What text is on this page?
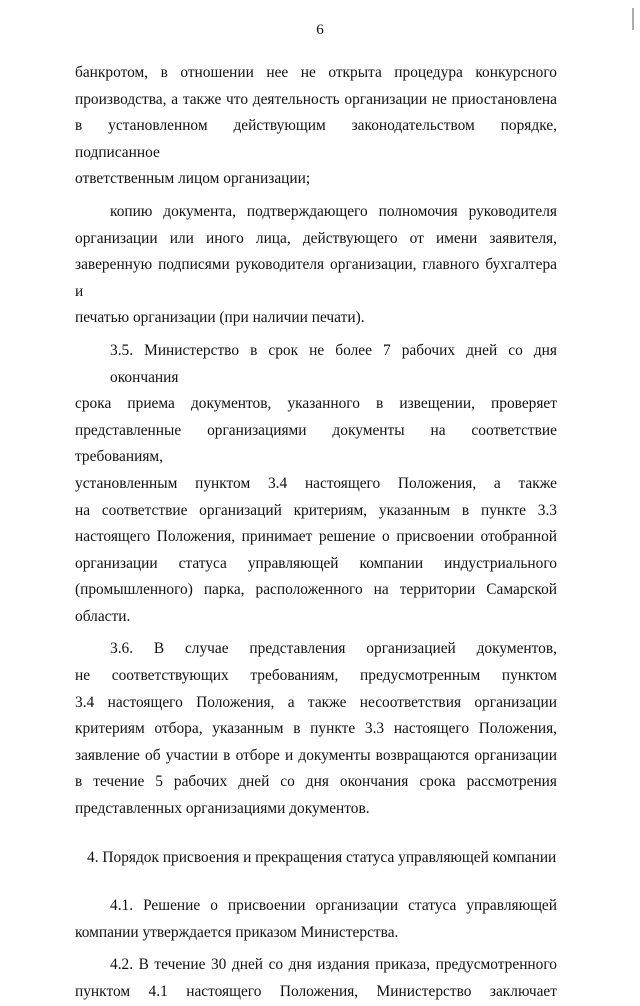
6
банкротом, в отношении нее не открыта процедура конкурсного
производства, а также что деятельность организации не приостановлена
в установленном действующим законодательством порядке, подписанное
ответственным лицом организации;
копию документа, подтверждающего полномочия руководителя
организации или иного лица, действующего от имени заявителя,
заверенную подписями руководителя организации, главного бухгалтера и
печатью организации (при наличии печати).
3.5. Министерство в срок не более 7 рабочих дней со дня окончания
срока приема документов, указанного в извещении, проверяет
представленные организациями документы на соответствие требованиям,
установленным пунктом 3.4 настоящего Положения, а также
на соответствие организаций критериям, указанным в пункте 3.3
настоящего Положения, принимает решение о присвоении отобранной
организации статуса управляющей компании индустриального
(промышленного) парка, расположенного на территории Самарской
области.
3.6. В случае представления организацией документов,
не соответствующих требованиям, предусмотренным пунктом
3.4 настоящего Положения, а также несоответствия организации
критериям отбора, указанным в пункте 3.3 настоящего Положения,
заявление об участии в отборе и документы возвращаются организации
в течение 5 рабочих дней со дня окончания срока рассмотрения
представленных организациями документов.
4. Порядок присвоения и прекращения статуса управляющей компании
4.1. Решение о присвоении организации статуса управляющей
компании утверждается приказом Министерства.
4.2. В течение 30 дней со дня издания приказа, предусмотренного
пунктом 4.1 настоящего Положения, Министерство заключает
